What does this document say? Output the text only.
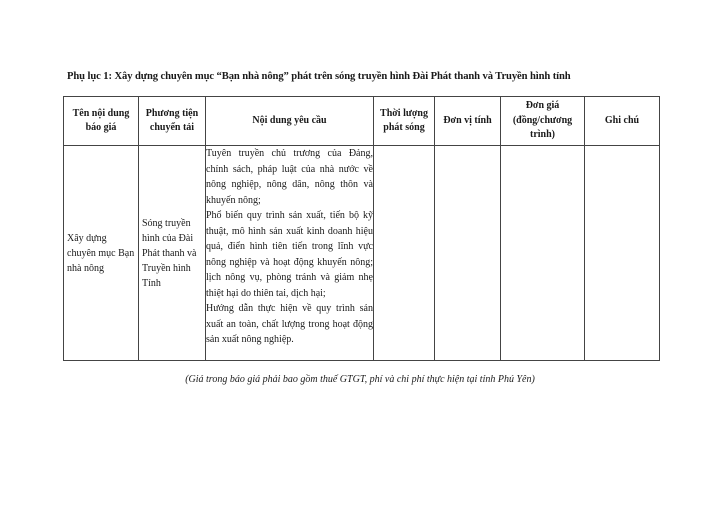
Phụ lục 1: Xây dựng chuyên mục “Bạn nhà nông” phát trên sóng truyền hình Đài Phát thanh và Truyền hình tỉnh
Tên nội dung báo giá	Phương tiện chuyển tải	Nội dung yêu cầu	Thời lượng phát sóng	Đơn vị tính	Đơn giá (đồng/chương trình)	Ghi chú

Xây dựng chuyên mục Bạn nhà nông	Sóng truyền hình của Đài Phát thanh và Truyền hình Tỉnh	Tuyên truyền chủ trương của Đảng, chính sách, pháp luật của nhà nước về nông nghiệp, nông dân, nông thôn và khuyến nông;
Phổ biến quy trình sản xuất, tiến bộ kỹ thuật, mô hình sản xuất kinh doanh hiệu quả, điển hình tiên tiến trong lĩnh vực nông nghiệp và hoạt động khuyến nông; lịch nông vụ, phòng tránh và giảm nhẹ thiệt hại do thiên tai, dịch hại;
Hướng dẫn thực hiện về quy trình sản xuất an toàn, chất lượng trong hoạt động sản xuất nông nghiệp.				

(Giá trong báo giá phải bao gồm thuế GTGT, phí và chi phí thực hiện tại tỉnh Phú Yên)
